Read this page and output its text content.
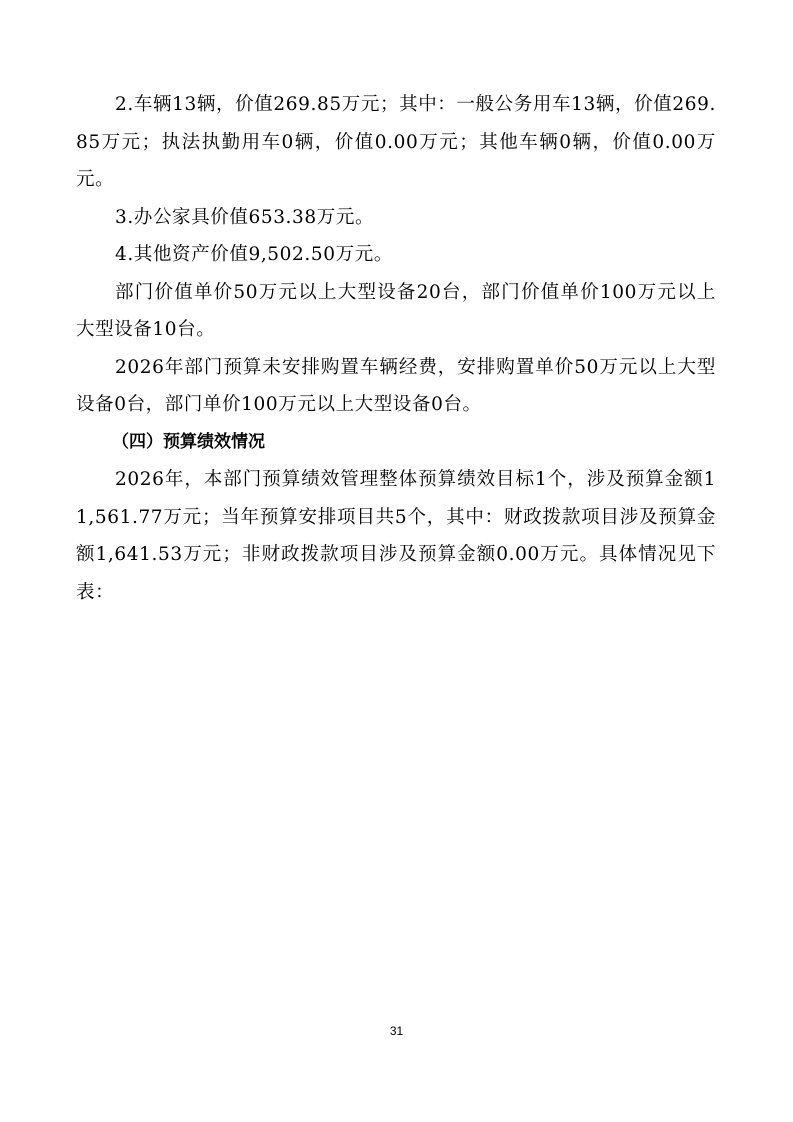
2.车辆13辆，价值269.85万元；其中：一般公务用车13辆，价值269.85万元；执法执勤用车0辆，价值0.00万元；其他车辆0辆，价值0.00万元。

3.办公家具价值653.38万元。

4.其他资产价值9,502.50万元。

部门价值单价50万元以上大型设备20台，部门价值单价100万元以上大型设备10台。

2026年部门预算未安排购置车辆经费，安排购置单价50万元以上大型设备0台，部门单价100万元以上大型设备0台。

（四）预算绩效情况

2026年，本部门预算绩效管理整体预算绩效目标1个，涉及预算金额11,561.77万元；当年预算安排项目共5个，其中：财政拨款项目涉及预算金额1,641.53万元；非财政拨款项目涉及预算金额0.00万元。具体情况见下表：

31
